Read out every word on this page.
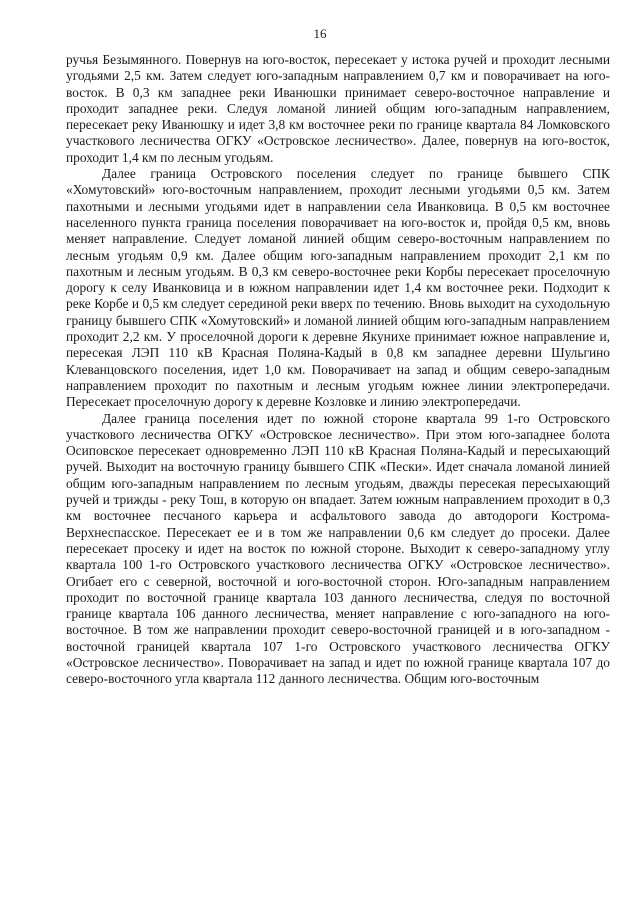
16

ручья Безымянного. Повернув на юго-восток, пересекает у истока ручей и проходит лесными угодьями 2,5 км. Затем следует юго-западным направлением 0,7 км и поворачивает на юго-восток. В 0,3 км западнее реки Иванюшки принимает северо-восточное направление и проходит западнее реки. Следуя ломаной линией общим юго-западным направлением, пересекает реку Иванюшку и идет 3,8 км восточнее реки по границе квартала 84 Ломковского участкового лесничества ОГКУ «Островское лесничество». Далее, повернув на юго-восток, проходит 1,4 км по лесным угодьям.

Далее граница Островского поселения следует по границе бывшего СПК «Хомутовский» юго-восточным направлением, проходит лесными угодьями 0,5 км. Затем пахотными и лесными угодьями идет в направлении села Иванковица. В 0,5 км восточнее населенного пункта граница поселения поворачивает на юго-восток и, пройдя 0,5 км, вновь меняет направление. Следует ломаной линией общим северо-восточным направлением по лесным угодьям 0,9 км. Далее общим юго-западным направлением проходит 2,1 км по пахотным и лесным угодьям. В 0,3 км северо-восточнее реки Корбы пересекает проселочную дорогу к селу Иванковица и в южном направлении идет 1,4 км восточнее реки. Подходит к реке Корбе и 0,5 км следует серединой реки вверх по течению. Вновь выходит на суходольную границу бывшего СПК «Хомутовский» и ломаной линией общим юго-западным направлением проходит 2,2 км. У проселочной дороги к деревне Якунихе принимает южное направление и, пересекая ЛЭП 110 кВ Красная Поляна-Кадый в 0,8 км западнее деревни Шульгино Клеванцовского поселения, идет 1,0 км. Поворачивает на запад и общим северо-западным направлением проходит по пахотным и лесным угодьям южнее линии электропередачи. Пересекает проселочную дорогу к деревне Козловке и линию электропередачи.

Далее граница поселения идет по южной стороне квартала 99 1-го Островского участкового лесничества ОГКУ «Островское лесничество». При этом юго-западнее болота Осиповское пересекает одновременно ЛЭП 110 кВ Красная Поляна-Кадый и пересыхающий ручей. Выходит на восточную границу бывшего СПК «Пески». Идет сначала ломаной линией общим юго-западным направлением по лесным угодьям, дважды пересекая пересыхающий ручей и трижды - реку Тош, в которую он впадает. Затем южным направлением проходит в 0,3 км восточнее песчаного карьера и асфальтового завода до автодороги Кострома-Верхнеспасское. Пересекает ее и в том же направлении 0,6 км следует до просеки. Далее пересекает просеку и идет на восток по южной стороне. Выходит к северо-западному углу квартала 100 1-го Островского участкового лесничества ОГКУ «Островское лесничество». Огибает его с северной, восточной и юго-восточной сторон. Юго-западным направлением проходит по восточной границе квартала 103 данного лесничества, следуя по восточной границе квартала 106 данного лесничества, меняет направление с юго-западного на юго-восточное. В том же направлении проходит северо-восточной границей и в юго-западном - восточной границей квартала 107 1-го Островского участкового лесничества ОГКУ «Островское лесничество». Поворачивает на запад и идет по южной границе квартала 107 до северо-восточного угла квартала 112 данного лесничества. Общим юго-восточным
